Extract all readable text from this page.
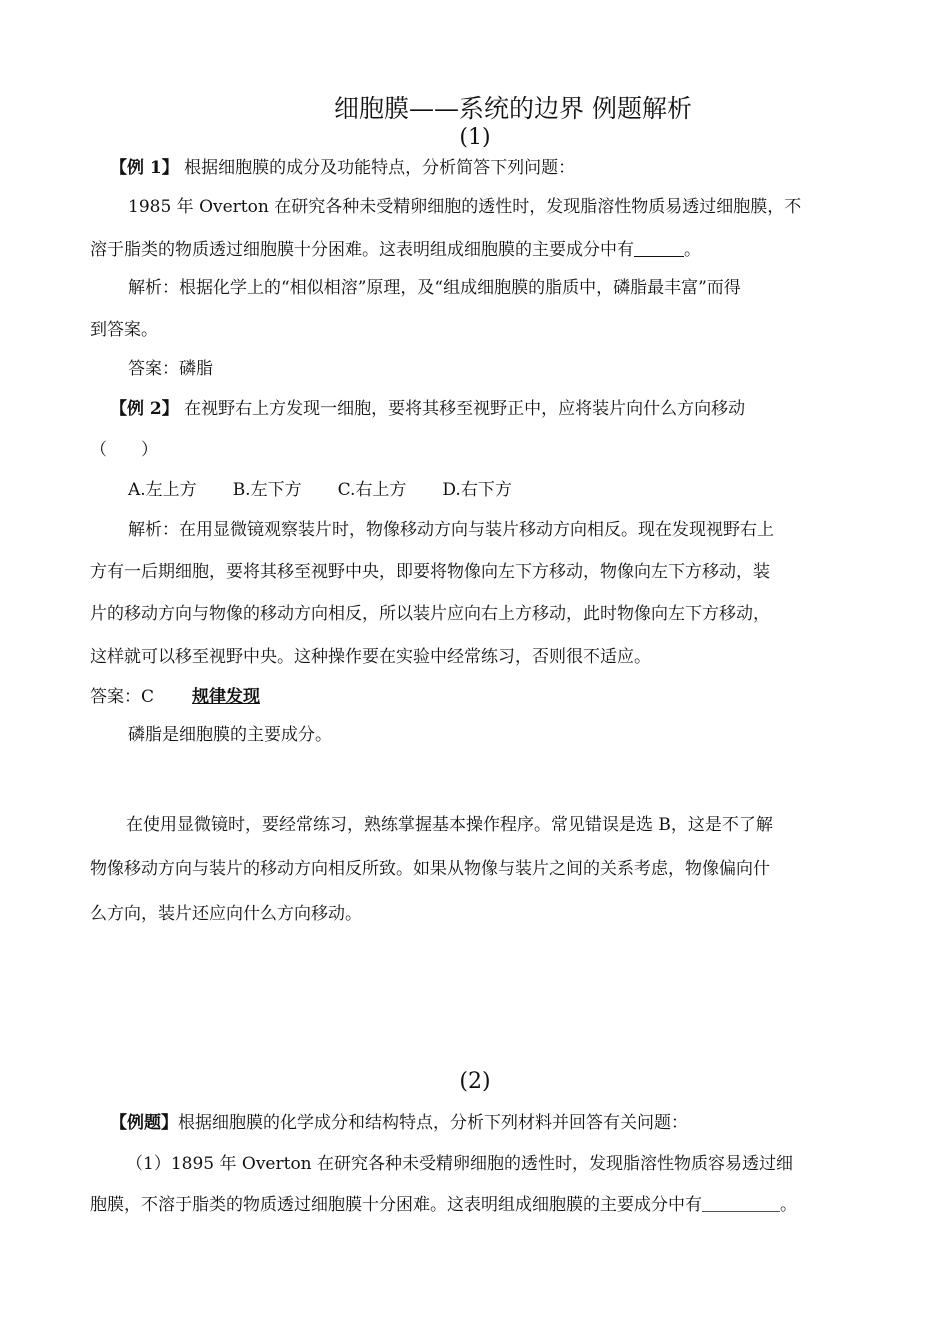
细胞膜——系统的边界 例题解析
(1)
【例 1】 根据细胞膜的成分及功能特点，分析简答下列问题：
1985 年 Overton 在研究各种未受精卵细胞的透性时，发现脂溶性物质易透过细胞膜，不
溶于脂类的物质透过细胞膜十分困难。这表明组成细胞膜的主要成分中有	。
解析：根据化学上的“相似相溶”原理，及“组成细胞膜的脂质中，磷脂最丰富”而得
到答案。
答案：磷脂
【例 2】 在视野右上方发现一细胞，要将其移至视野正中，应将装片向什么方向移动
（　　）
A.左上方 B.左下方 C.右上方 D.右下方
解析：在用显微镜观察装片时，物像移动方向与装片移动方向相反。现在发现视野右上
方有一后期细胞，要将其移至视野中央，即要将物像向左下方移动，物像向左下方移动，装
片的移动方向与物像的移动方向相反，所以装片应向右上方移动，此时物像向左下方移动，
这样就可以移至视野中央。这种操作要在实验中经常练习，否则很不适应。
答案：C 规律发现
磷脂是细胞膜的主要成分。
在使用显微镜时，要经常练习，熟练掌握基本操作程序。常见错误是选 B，这是不了解
物像移动方向与装片的移动方向相反所致。如果从物像与装片之间的关系考虑，物像偏向什
么方向，装片还应向什么方向移动。
(2)
【例题】根据细胞膜的化学成分和结构特点，分析下列材料并回答有关问题：
（1）1895 年 Overton 在研究各种未受精卵细胞的透性时，发现脂溶性物质容易透过细
胞膜，不溶于脂类的物质透过细胞膜十分困难。这表明组成细胞膜的主要成分中有	。
